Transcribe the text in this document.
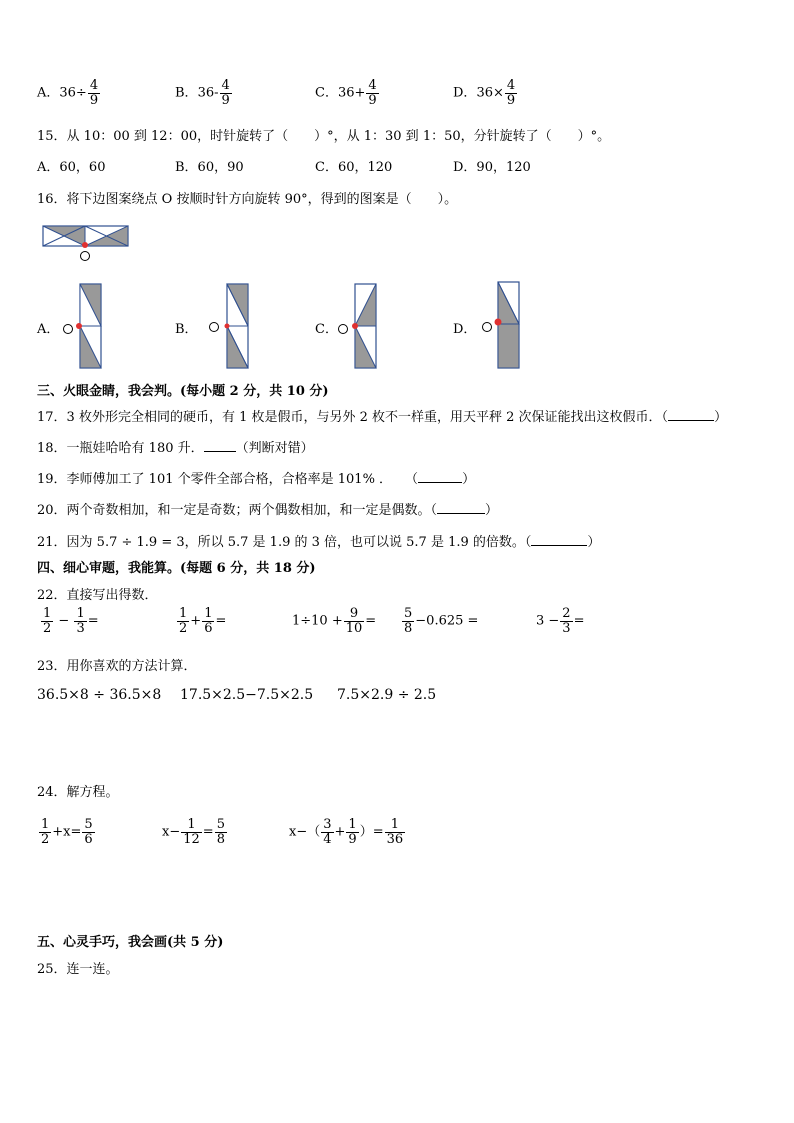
A．$36\div \frac{4}{9}$	B．$36- \frac{4}{9}$	C．$36+ \frac{4}{9}$	D．$36\times \frac{4}{9}$
15．从 10：00 到 12：00，时针旋转了（　　）°，从 1：30 到 1：50，分针旋转了（　　）°。
A．60，60	B．60，90	C．60，120	D．90，120
16．将下边图案绕点 O 按顺时针方向旋转 90°，得到的图案是（　　）。
A．	B．	C．	D．
三、火眼金睛，我会判。(每小题 2 分，共 10 分)
17．3 枚外形完全相同的硬币，有 1 枚是假币，与另外 2 枚不一样重，用天平秤 2 次保证能找出这枚假币．（	）
18．一瓶娃哈哈有 180 升． （判断对错）
19．李师傅加工了 101 个零件全部合格，合格率是 101% ．　　（	）
20．两个奇数相加，和一定是奇数；两个偶数相加，和一定是偶数。（	）
21．因为 5.7 ÷ 1.9 = 3，所以 5.7 是 1.9 的 3 倍，也可以说 5.7 是 1.9 的倍数。（	）
四、细心审题，我能算。(每题 6 分，共 18 分)
22．直接写出得数．
$\frac{1}{2} - \frac{1}{3}$ =	$\frac{1}{2} + \frac{1}{6}$ =	$1\div 10 + \frac{9}{10} = \frac{5}{8} -0.625$ =	$3 - \frac{2}{3}$ =
23．用你喜欢的方法计算．
36.5×8 ÷ 36.5×8 17.5×2.5−7.5×2.5 7.5×2.9 ÷ 2.5
24．解方程。
$\frac{1}{2} +x= \frac{5}{6}$	$x- \frac{1}{12} = \frac{5}{8}$	$x-( \frac{3}{4} + \frac{1}{9}$ ）= $\frac{1}{36}$
五、心灵手巧，我会画(共 5 分)
25．连一连。
